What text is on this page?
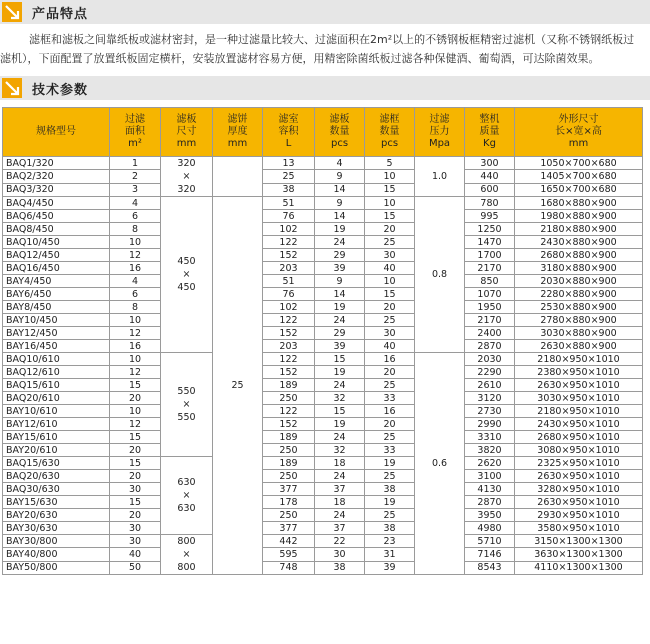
产品特点

滤框和滤板之间靠纸板或滤材密封，是一种过滤量比较大、过滤面积在2m²以上的不锈钢板框精密过滤机（又称不锈钢纸板过

滤机），下面配置了放置纸板固定横杆，安装放置滤材容易方便，用精密除菌纸板过滤各种保健酒、葡萄酒，可达除菌效果。

技术参数
规格型号	过滤
面积
m²	滤板
尺寸
mm	滤饼
厚度
mm	滤室
容积
L	滤板
数量
pcs	滤框
数量
pcs	过滤
压力
Mpa	整机
质量
Kg	外形尺寸
长×宽×高
mm

BAQ1/320	1	320
×
320		13	4	5	1.0	300	1050×700×680
BAQ2/320	2			25	9	10		440	1405×700×680
BAQ3/320	3			38	14	15		600	1650×700×680
BAQ4/450	4	450
×
450	25	51	9	10	0.8	780	1680×880×900
BAQ6/450	6			76	14	15		995	1980×880×900
BAQ8/450	8			102	19	20		1250	2180×880×900
BAQ10/450	10			122	24	25		1470	2430×880×900
BAQ12/450	12			152	29	30		1700	2680×880×900
BAQ16/450	16			203	39	40		2170	3180×880×900
BAY4/450	4			51	9	10		850	2030×880×900
BAY6/450	6			76	14	15		1070	2280×880×900
BAY8/450	8			102	19	20		1950	2530×880×900
BAY10/450	10			122	24	25		2170	2780×880×900
BAY12/450	12			152	29	30		2400	3030×880×900
BAY16/450	16			203	39	40		2870	2630×880×900
BAQ10/610	10	550
×
550		122	15	16	0.6	2030	2180×950×1010
BAQ12/610	12			152	19	20		2290	2380×950×1010
BAQ15/610	15			189	24	25		2610	2630×950×1010
BAQ20/610	20			250	32	33		3120	3030×950×1010
BAY10/610	10			122	15	16		2730	2180×950×1010
BAY12/610	12			152	19	20		2990	2430×950×1010
BAY15/610	15			189	24	25		3310	2680×950×1010
BAY20/610	20			250	32	33		3820	3080×950×1010
BAQ15/630	15	630
×
630		189	18	19		2620	2325×950×1010
BAQ20/630	20			250	24	25		3100	2630×950×1010
BAQ30/630	30			377	37	38		4130	3280×950×1010
BAY15/630	15			178	18	19		2870	2630×950×1010
BAY20/630	20			250	24	25		3950	2930×950×1010
BAY30/630	30			377	37	38		4980	3580×950×1010
BAY30/800	30	800
×
800		442	22	23		5710	3150×1300×1300
BAY40/800	40			595	30	31		7146	3630×1300×1300
BAY50/800	50			748	38	39		8543	4110×1300×1300
